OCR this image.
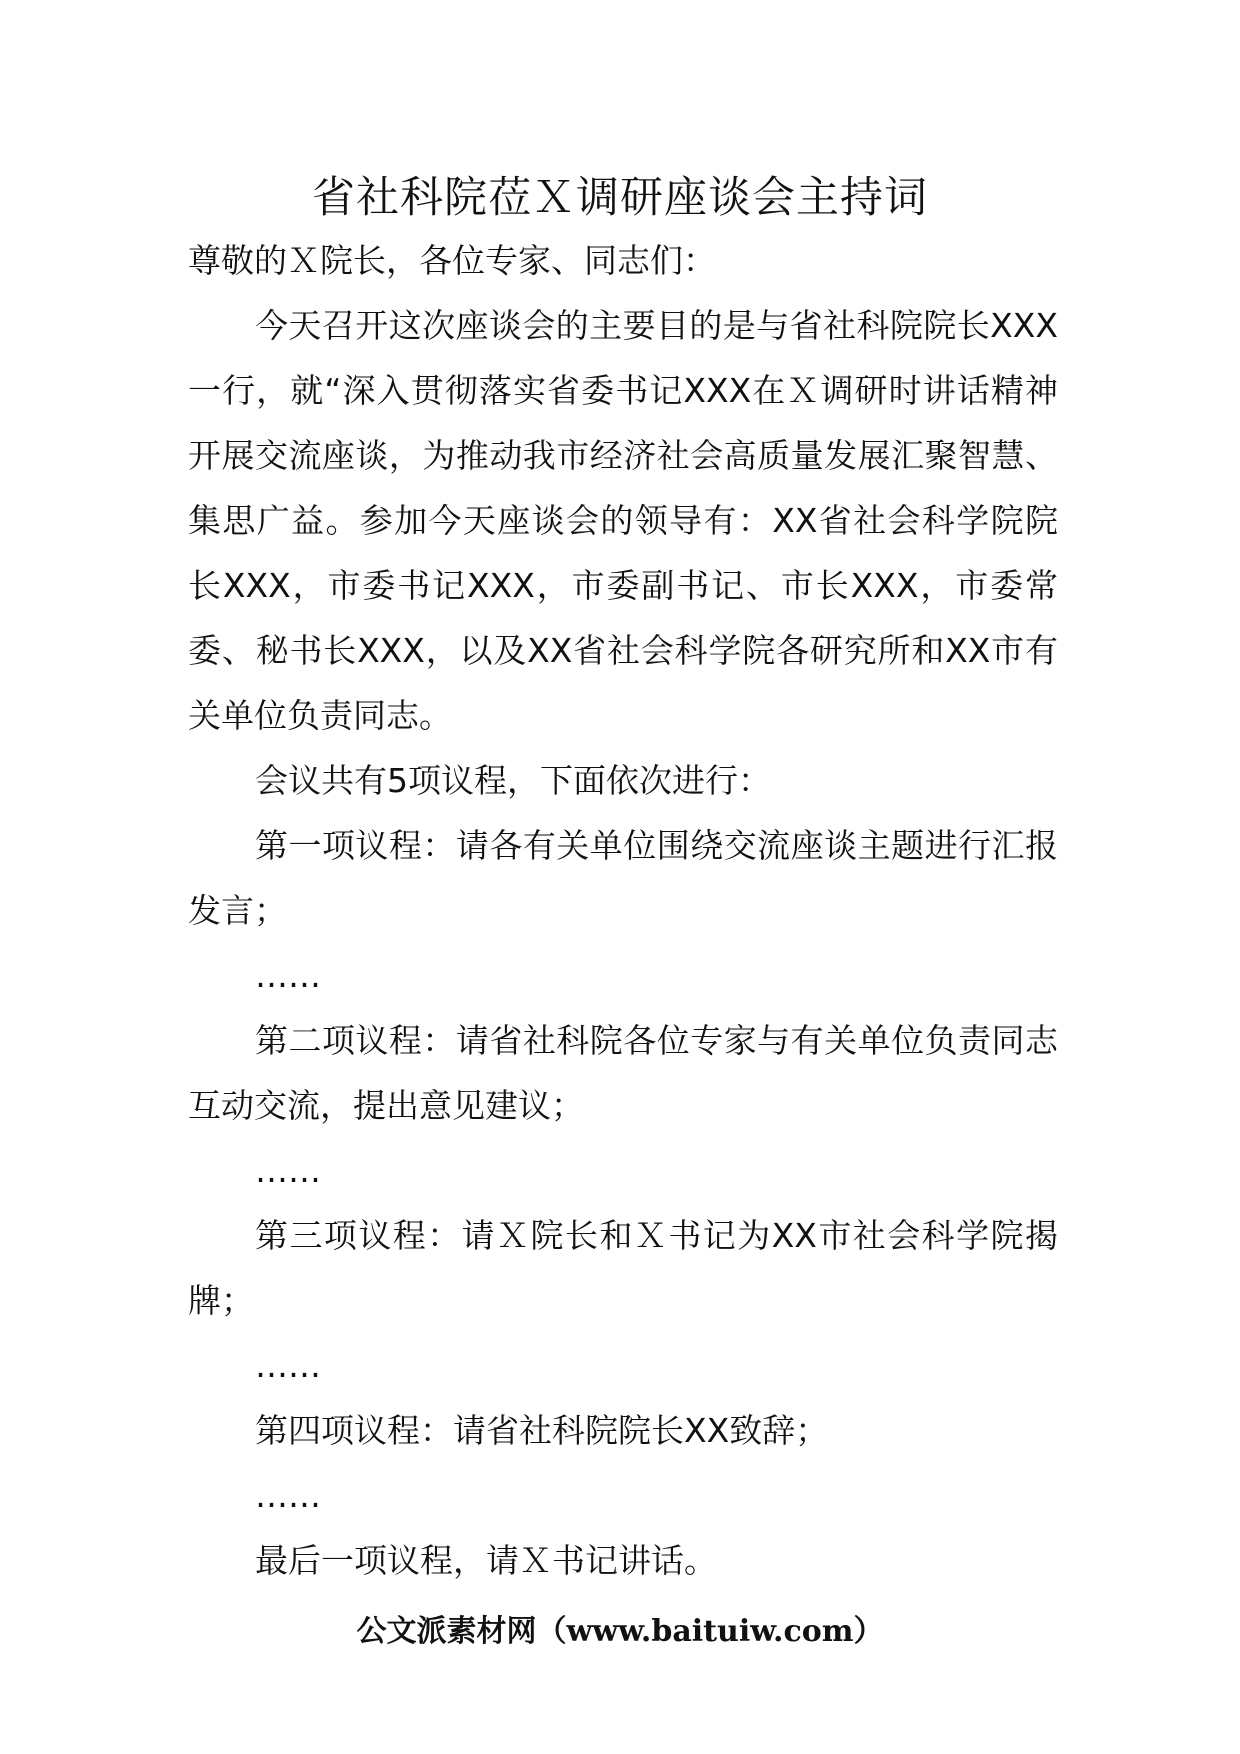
省社科院莅Ｘ调研座谈会主持词

尊敬的Ｘ院长，各位专家、同志们：

今天召开这次座谈会的主要目的是与省社科院院长XXX一行，就“深入贯彻落实省委书记XXX在Ｘ调研时讲话精神开展交流座谈，为推动我市经济社会高质量发展汇聚智慧、集思广益。参加今天座谈会的领导有：XX省社会科学院院长XXX，市委书记XXX，市委副书记、市长XXX，市委常委、秘书长XXX，以及XX省社会科学院各研究所和XX市有关单位负责同志。

会议共有5项议程，下面依次进行：

第一项议程：请各有关单位围绕交流座谈主题进行汇报发言；

……

第二项议程：请省社科院各位专家与有关单位负责同志互动交流，提出意见建议；

……

第三项议程：请Ｘ院长和Ｘ书记为XX市社会科学院揭牌；

……

第四项议程：请省社科院院长XX致辞；

……

最后一项议程，请Ｘ书记讲话。

公文派素材网（www.baituiw.com）
